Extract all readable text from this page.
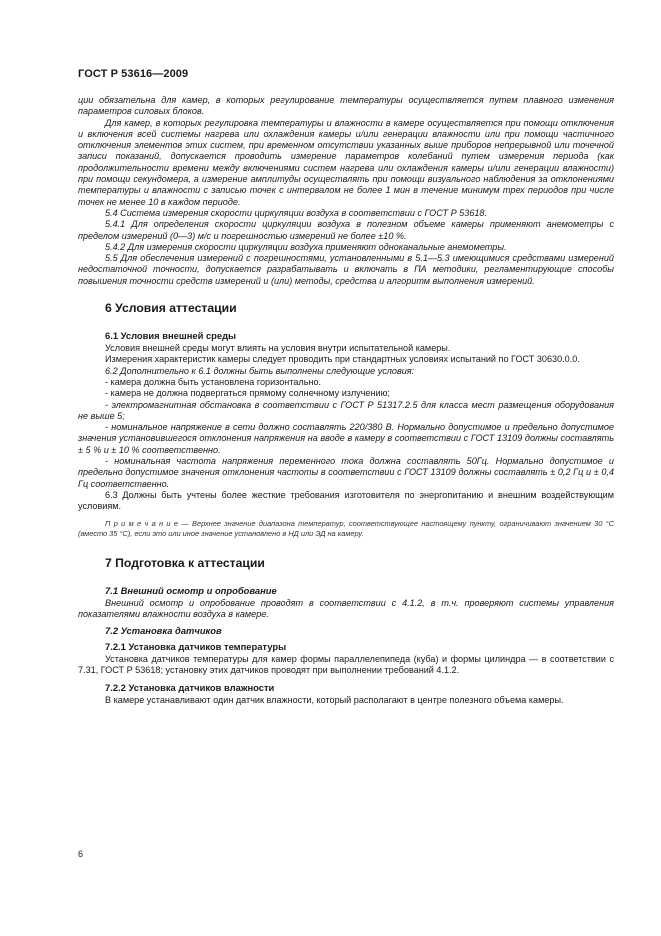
ГОСТ Р 53616—2009

ции обязательна для камер, в которых регулирование температуры осуществляется путем плавного изменения параметров силовых блоков.

Для камер, в которых регулировка температуры и влажности в камере осуществляется при помощи отключения и включения всей системы нагрева или охлаждения камеры и/или генерации влажности или при помощи частичного отключения элементов этих систем, при временном отсутствии указанных выше приборов непрерывной или точечной записи показаний, допускается проводить измерение параметров колебаний путем измерения периода (как продолжительности времени между включениями систем нагрева или охлаждения камеры и/или генерации влажности) при помощи секундомера, а измерение амплитуды осуществлять при помощи визуального наблюдения за отклонениями температуры и влажности с записью точек с интервалом не более 1 мин в течение минимум трех периодов при числе точек не менее 10 в каждом периоде.

5.4 Система измерения скорости циркуляции воздуха в соответствии с ГОСТ Р 53618.

5.4.1 Для определения скорости циркуляции воздуха в полезном объеме камеры применяют анемометры с пределом измерений (0—3) м/с и погрешностью измерений не более ±10 %.

5.4.2 Для измерения скорости циркуляции воздуха применяют одноканальные анемометры.

5.5 Для обеспечения измерений с погрешностями, установленными в 5.1—5.3 имеющимися средствами измерений недостаточной точности, допускается разрабатывать и включать в ПА методики, регламентирующие способы повышения точности средств измерений и (или) методы, средства и алгоритм выполнения измерений.

6 Условия аттестации
6.1 Условия внешней среды

Условия внешней среды могут влиять на условия внутри испытательной камеры.

Измерения характеристик камеры следует проводить при стандартных условиях испытаний по ГОСТ 30630.0.0.

6.2 Дополнительно к 6.1 должны быть выполнены следующие условия:

- камера должна быть установлена горизонтально.

- камера не должна подвергаться прямому солнечному излучению;

- электромагнитная обстановка в соответствии с ГОСТ Р 51317.2.5 для класса мест размещения оборудования не выше 5;

- номинальное напряжение в сети должно составлять 220/380 В. Нормально допустимое и предельно допустимое значения установившегося отклонения напряжения на вводе в камеру в соответствии с ГОСТ 13109 должны составлять ± 5 % и ± 10 % соответственно.

- номинальная частота напряжения переменного тока должна составлять 50Гц. Нормально допустимое и предельно допустимое значения отклонения частоты в соответствии с ГОСТ 13109 должны составлять ± 0,2 Гц и ± 0,4 Гц соответственно.

6.3 Должны быть учтены более жесткие требования изготовителя по энергопитанию и внешним воздействующим условиям.

П р и м е ч а н и е — Верхнее значение диапазона температур, соответствующее настоящему пункту, ограничивают значением 30 °С (вместо 35 °С), если это или иное значение установлено в НД или ЭД на камеру.

7 Подготовка к аттестации
7.1 Внешний осмотр и опробование

Внешний осмотр и опробование проводят в соответствии с 4.1.2, в т.ч. проверяют системы управления показателями влажности воздуха в камере.

7.2 Установка датчиков
7.2.1 Установка датчиков температуры

Установка датчиков температуры для камер формы параллелепипеда (куба) и формы цилиндра — в соответствии с 7.31, ГОСТ Р 53618; установку этих датчиков проводят при выполнении требований 4.1.2.

7.2.2 Установка датчиков влажности

В камере устанавливают один датчик влажности, который располагают в центре полезного объема камеры.

6
